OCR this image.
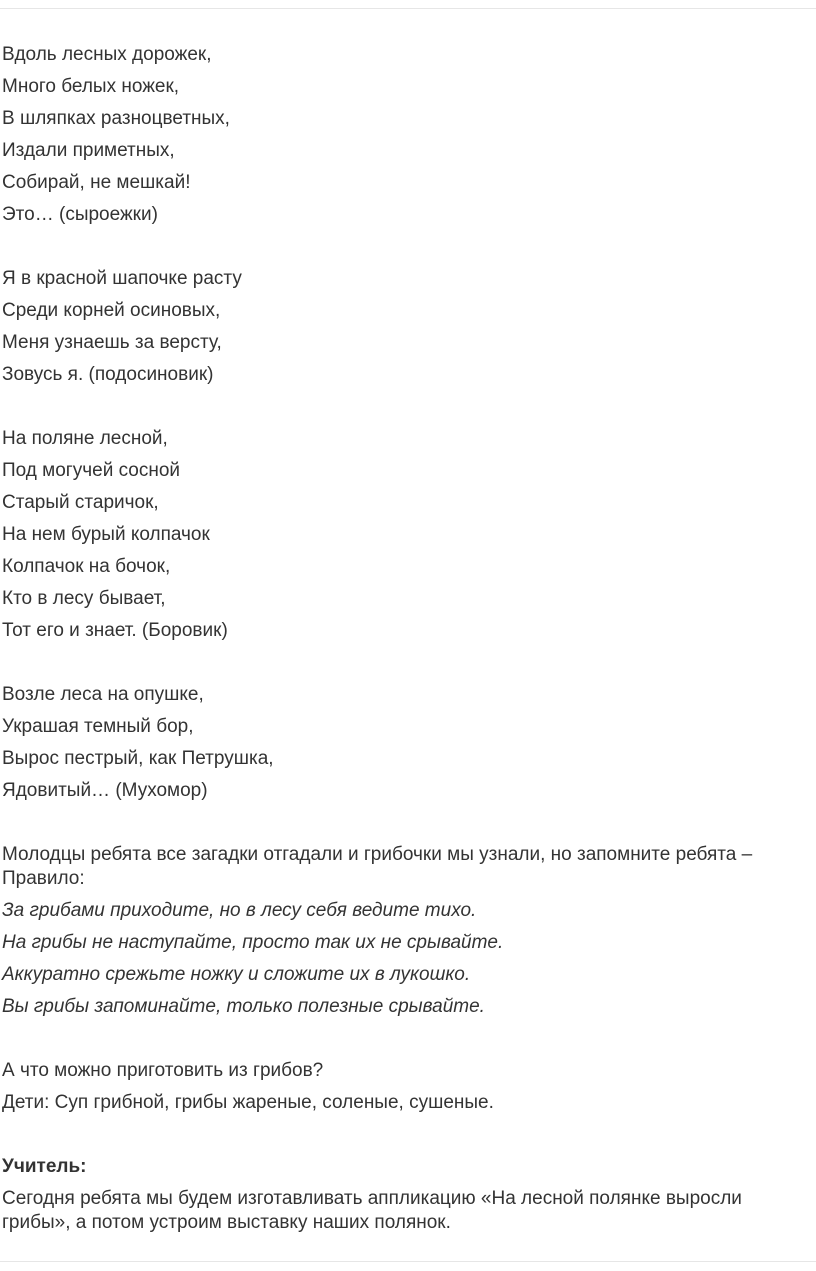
Вдоль лесных дорожек,
Много белых ножек,
В шляпках разноцветных,
Издали приметных,
Собирай, не мешкай!
Это… (сыроежки)
Я в красной шапочке расту
Среди корней осиновых,
Меня узнаешь за версту,
Зовусь я. (подосиновик)
На поляне лесной,
Под могучей сосной
Старый старичок,
На нем бурый колпачок
Колпачок на бочок,
Кто в лесу бывает,
Тот его и знает. (Боровик)
Возле леса на опушке,
Украшая темный бор,
Вырос пестрый, как Петрушка,
Ядовитый… (Мухомор)
Молодцы ребята все загадки отгадали и грибочки мы узнали, но запомните ребята – Правило:
За грибами приходите, но в лесу себя ведите тихо.
На грибы не наступайте, просто так их не срывайте.
Аккуратно срежьте ножку и сложите их в лукошко.
Вы грибы запоминайте, только полезные срывайте.
А что можно приготовить из грибов?
Дети: Суп грибной, грибы жареные, соленые, сушеные.
Учитель:
Сегодня ребята мы будем изготавливать аппликацию «На лесной полянке выросли грибы», а потом устроим выставку наших полянок.
